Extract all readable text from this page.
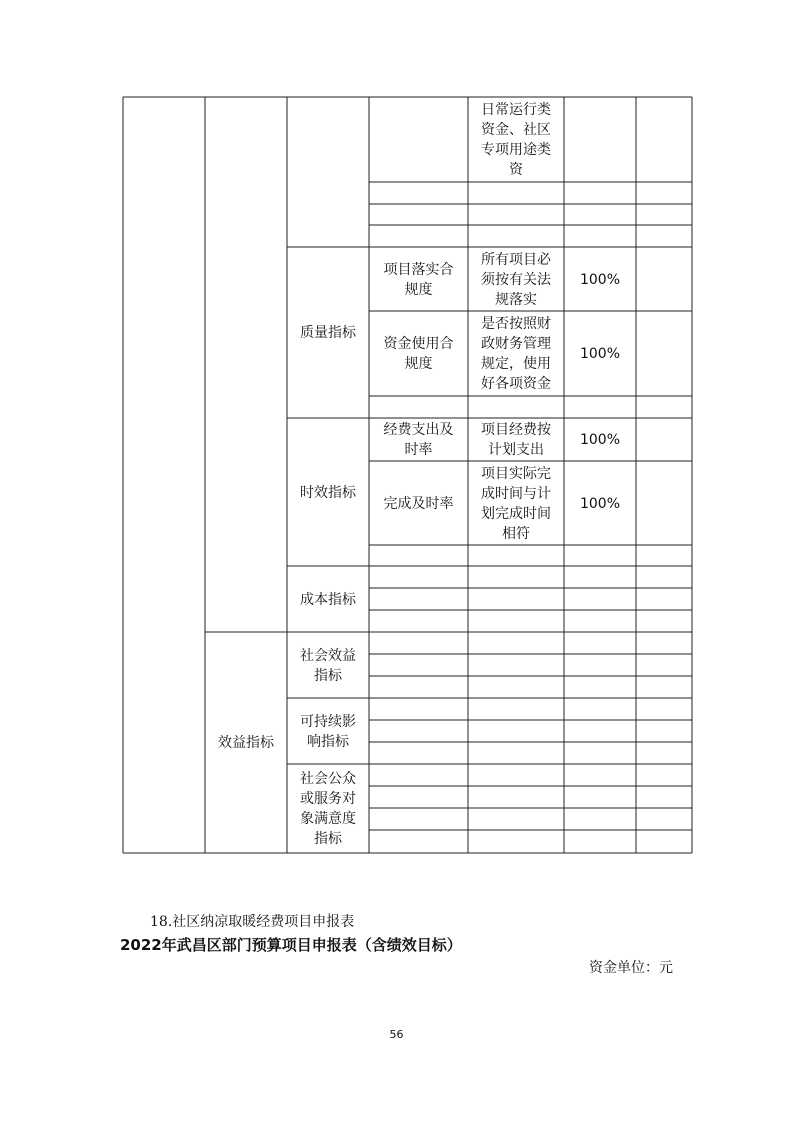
日常运行类
资金、社区
专项用途类
资
质量指标
项目落实合
规度
所有项目必
须按有关法
规落实
100%
资金使用合
规度
是否按照财
政财务管理
规定，使用
好各项资金
100%
时效指标
经费支出及
时率
项目经费按
计划支出
100%
完成及时率
项目实际完
成时间与计
划完成时间
相符
100%
成本指标
效益指标
社会效益
指标
可持续影
响指标
社会公众
或服务对
象满意度
指标
18.社区纳凉取暖经费项目申报表
2022年武昌区部门预算项目申报表（含绩效目标）
资金单位：元
56
